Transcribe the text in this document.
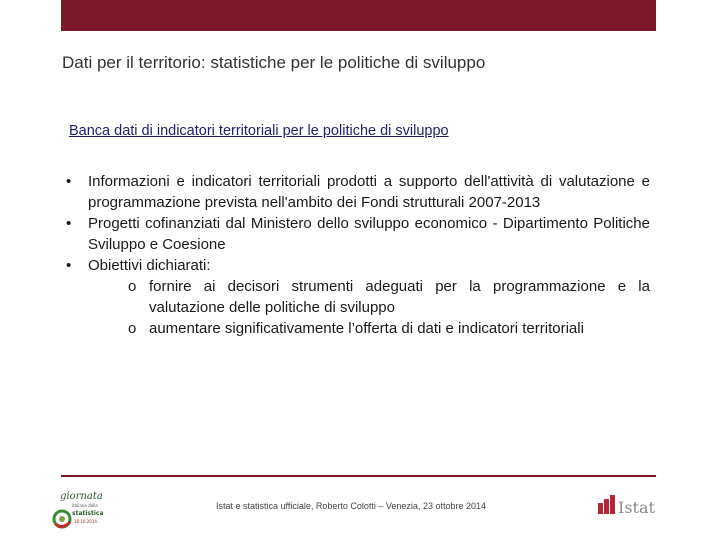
Dati per il territorio: statistiche per le politiche di sviluppo
Banca dati di indicatori territoriali per le politiche di sviluppo
• Informazioni e indicatori territoriali prodotti a supporto dell'attività di valutazione e programmazione prevista nell'ambito dei Fondi strutturali 2007-2013
• Progetti cofinanziati dal Ministero dello sviluppo economico - Dipartimento Politiche Sviluppo e Coesione
• Obiettivi dichiarati:
o fornire ai decisori strumenti adeguati per la programmazione e la valutazione delle politiche di sviluppo
o aumentare significativamente l’offerta di dati e indicatori territoriali
giornata
italiana della
statistica
18.10.2014
Istat e statistica ufficiale, Roberto Colotti – Venezia, 23 ottobre 2014	Istat
